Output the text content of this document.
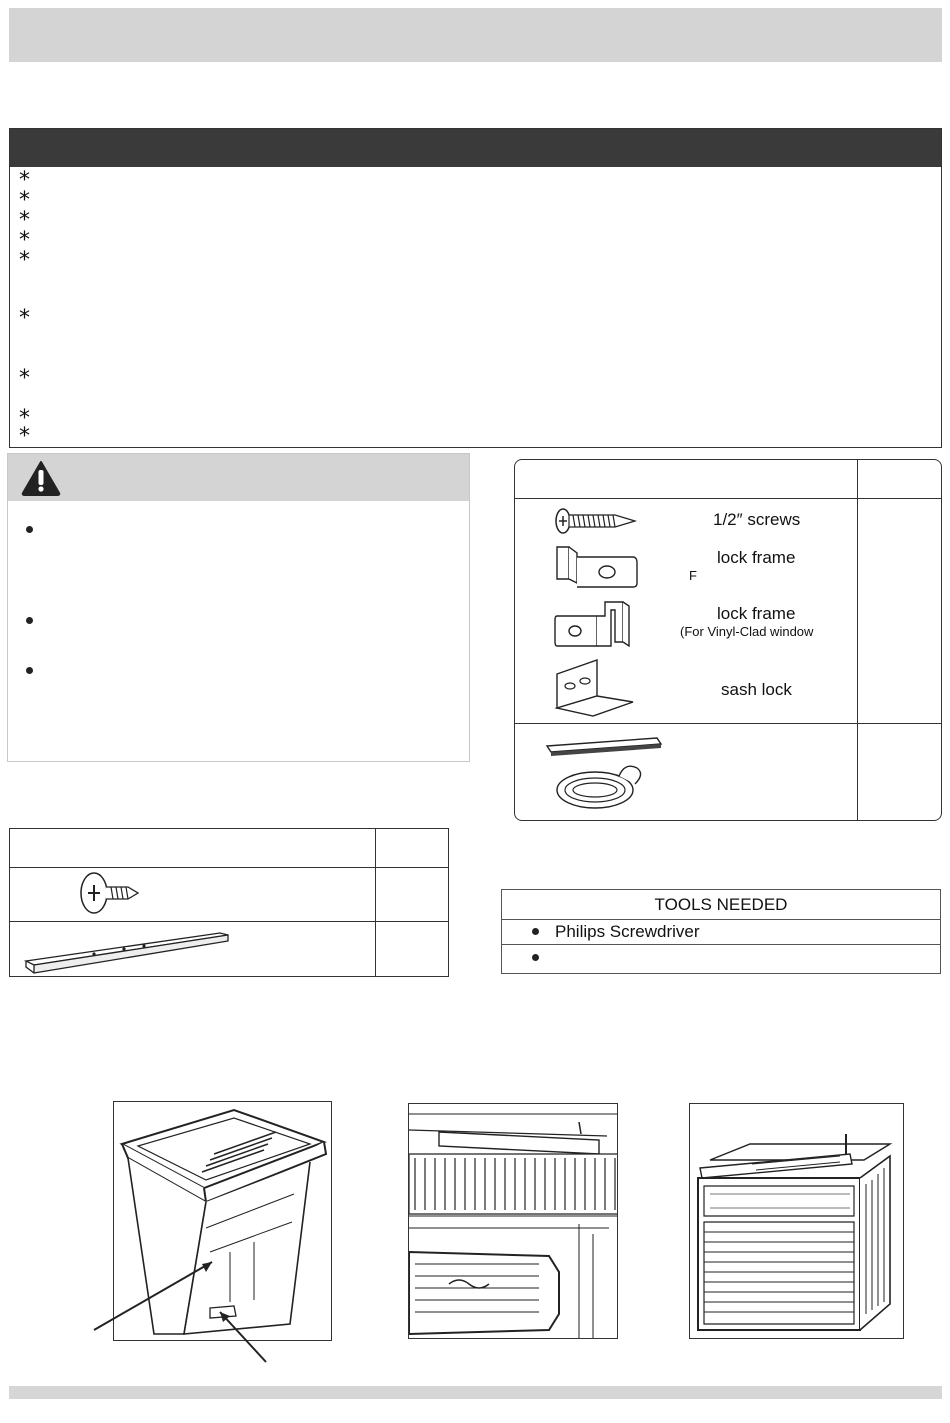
*
*
*
*
*
*
*
*
*
1/2″ screws
lock frame
F
lock frame
(For Vinyl-Clad window
sash lock
TOOLS NEEDED
Philips Screwdriver
